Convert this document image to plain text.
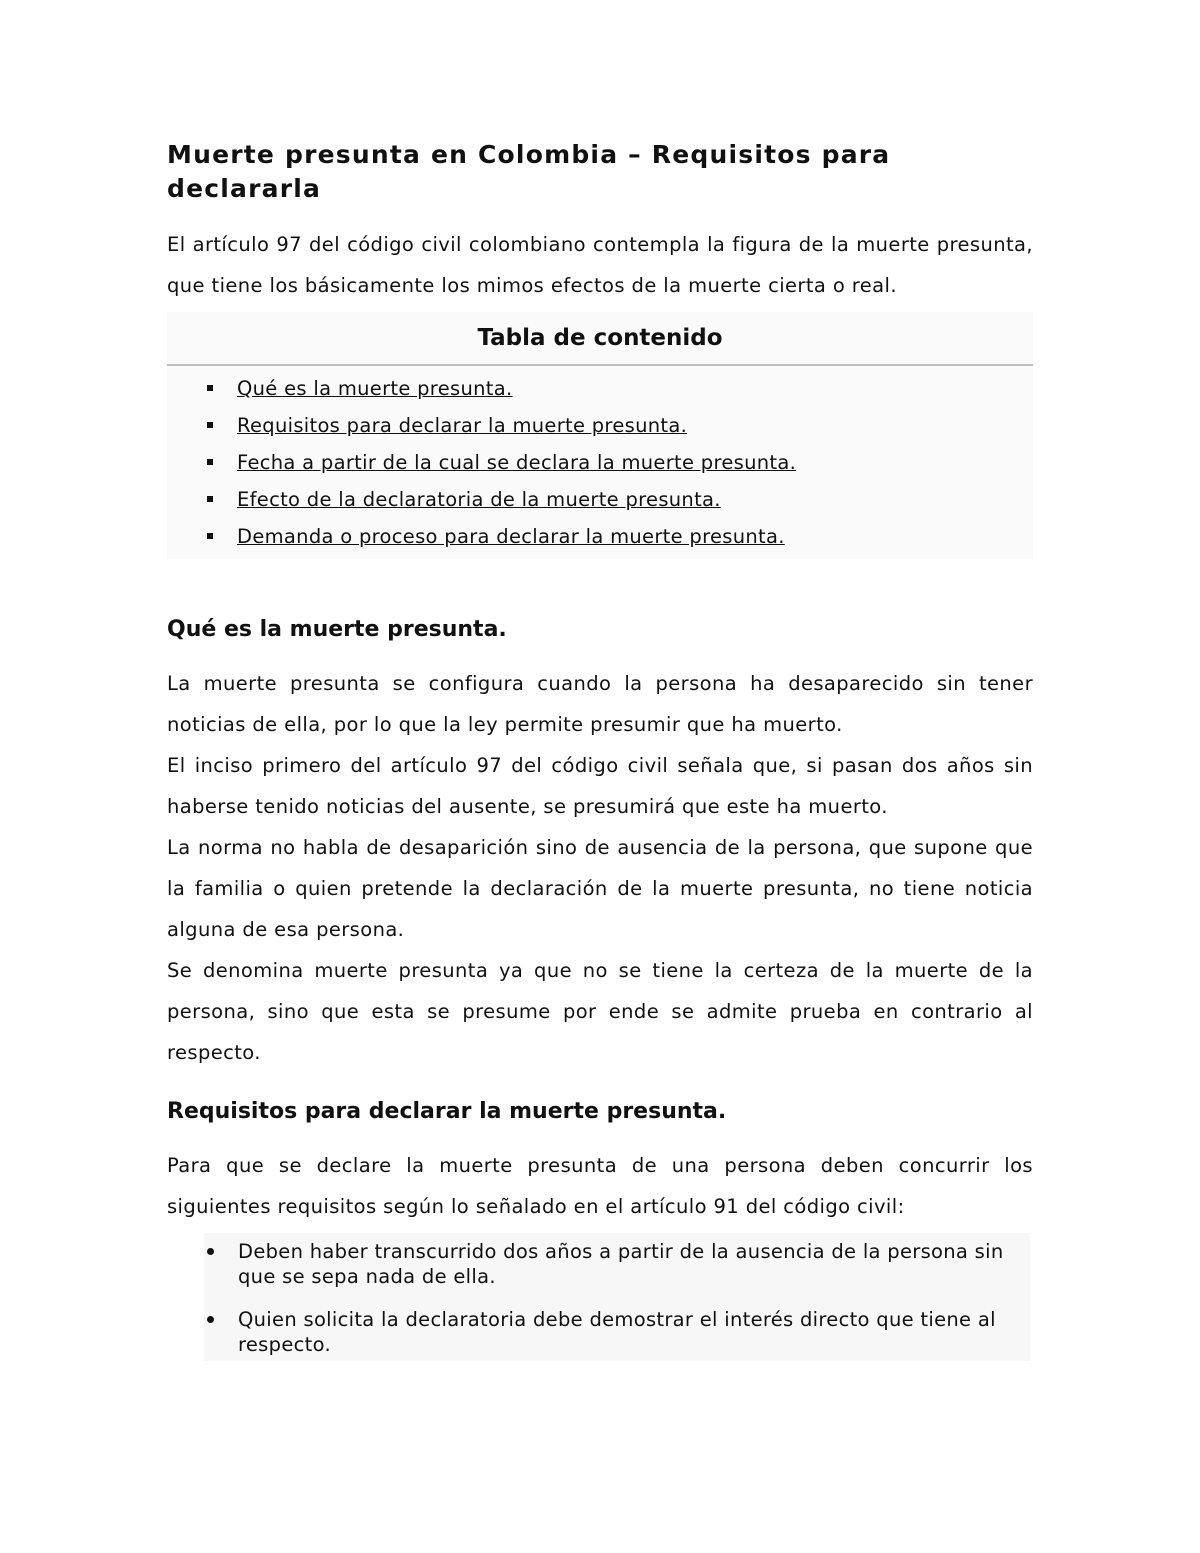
Muerte presunta en Colombia – Requisitos para declararla

El artículo 97 del código civil colombiano contempla la figura de la muerte presunta, que tiene los básicamente los mimos efectos de la muerte cierta o real.

Tabla de contenido
Qué es la muerte presunta.
Requisitos para declarar la muerte presunta.
Fecha a partir de la cual se declara la muerte presunta.
Efecto de la declaratoria de la muerte presunta.
Demanda o proceso para declarar la muerte presunta.
Qué es la muerte presunta.

La muerte presunta se configura cuando la persona ha desaparecido sin tener noticias de ella, por lo que la ley permite presumir que ha muerto.

El inciso primero del artículo 97 del código civil señala que, si pasan dos años sin haberse tenido noticias del ausente, se presumirá que este ha muerto.

La norma no habla de desaparición sino de ausencia de la persona, que supone que la familia o quien pretende la declaración de la muerte presunta, no tiene noticia alguna de esa persona.

Se denomina muerte presunta ya que no se tiene la certeza de la muerte de la persona, sino que esta se presume por ende se admite prueba en contrario al respecto.

Requisitos para declarar la muerte presunta.

Para que se declare la muerte presunta de una persona deben concurrir los siguientes requisitos según lo señalado en el artículo 91 del código civil:

Deben haber transcurrido dos años a partir de la ausencia de la persona sin que se sepa nada de ella.
Quien solicita la declaratoria debe demostrar el interés directo que tiene al respecto.
